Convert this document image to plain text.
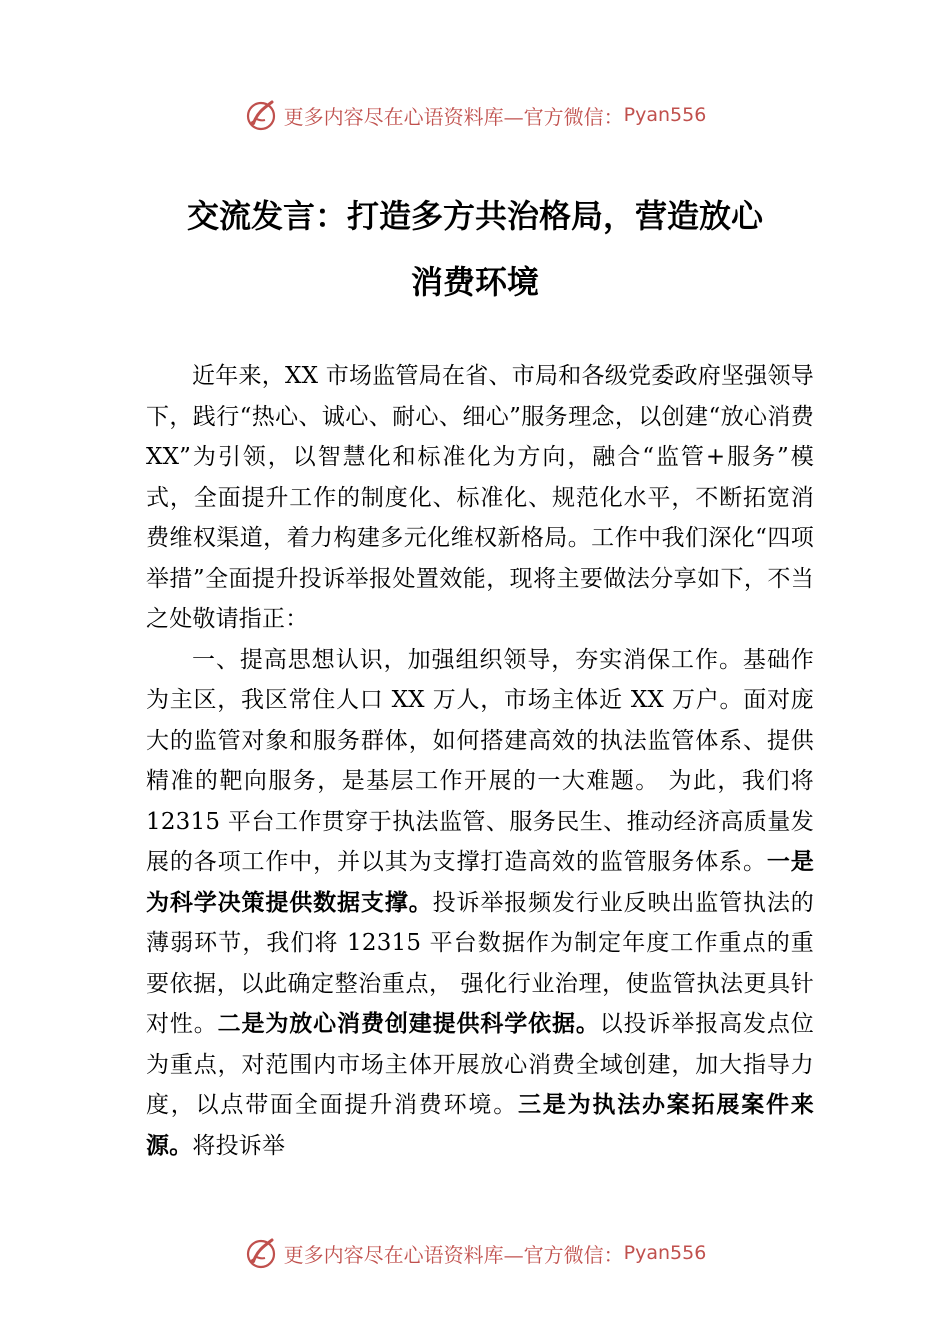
更多内容尽在心语资料库—官方微信： Pyan556
交流发言：打造多方共治格局，营造放心
消费环境

近年来，XX 市场监管局在省、市局和各级党委政府坚强领导下，践行“热心、诚心、耐心、细心”服务理念，以创建“放心消费 XX”为引领，以智慧化和标准化为方向，融合“监管+服务”模式，全面提升工作的制度化、标准化、规范化水平，不断拓宽消费维权渠道，着力构建多元化维权新格局。工作中我们深化“四项举措”全面提升投诉举报处置效能，现将主要做法分享如下，不当之处敬请指正：

一、提高思想认识，加强组织领导，夯实消保工作。基础作为主区，我区常住人口 XX 万人，市场主体近 XX 万户。面对庞大的监管对象和服务群体，如何搭建高效的执法监管体系、提供精准的靶向服务，是基层工作开展的一大难题。 为此，我们将 12315 平台工作贯穿于执法监管、服务民生、推动经济高质量发展的各项工作中，并以其为支撑打造高效的监管服务体系。一是为科学决策提供数据支撑。投诉举报频发行业反映出监管执法的薄弱环节，我们将 12315 平台数据作为制定年度工作重点的重要依据，以此确定整治重点， 强化行业治理，使监管执法更具针对性。二是为放心消费创建提供科学依据。以投诉举报高发点位为重点，对范围内市场主体开展放心消费全域创建，加大指导力度，以点带面全面提升消费环境。三是为执法办案拓展案件来源。将投诉举

更多内容尽在心语资料库—官方微信： Pyan556
